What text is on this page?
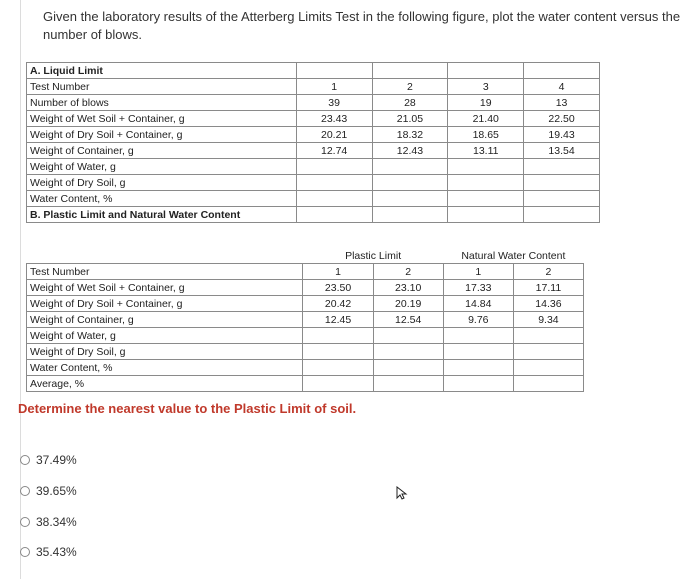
Given the laboratory results of the Atterberg Limits Test in the following figure, plot the water content versus the number of blows.
A. Liquid Limit				
Test Number	1	2	3	4
Number of blows	39	28	19	13
Weight of Wet Soil + Container, g	23.43	21.05	21.40	22.50
Weight of Dry Soil + Container, g	20.21	18.32	18.65	19.43
Weight of Container, g	12.74	12.43	13.11	13.54
Weight of Water, g				
Weight of Dry Soil, g				
Water Content, %				
B. Plastic Limit and Natural Water Content				
	Plastic Limit		Natural Water Content	
Test Number	1	2	1	2
Weight of Wet Soil + Container, g	23.50	23.10	17.33	17.11
Weight of Dry Soil + Container, g	20.42	20.19	14.84	14.36
Weight of Container, g	12.45	12.54	9.76	9.34
Weight of Water, g				
Weight of Dry Soil, g				
Water Content, %				
Average, %				
Determine the nearest value to the Plastic Limit of soil.
37.49%
39.65%
38.34%
35.43%
